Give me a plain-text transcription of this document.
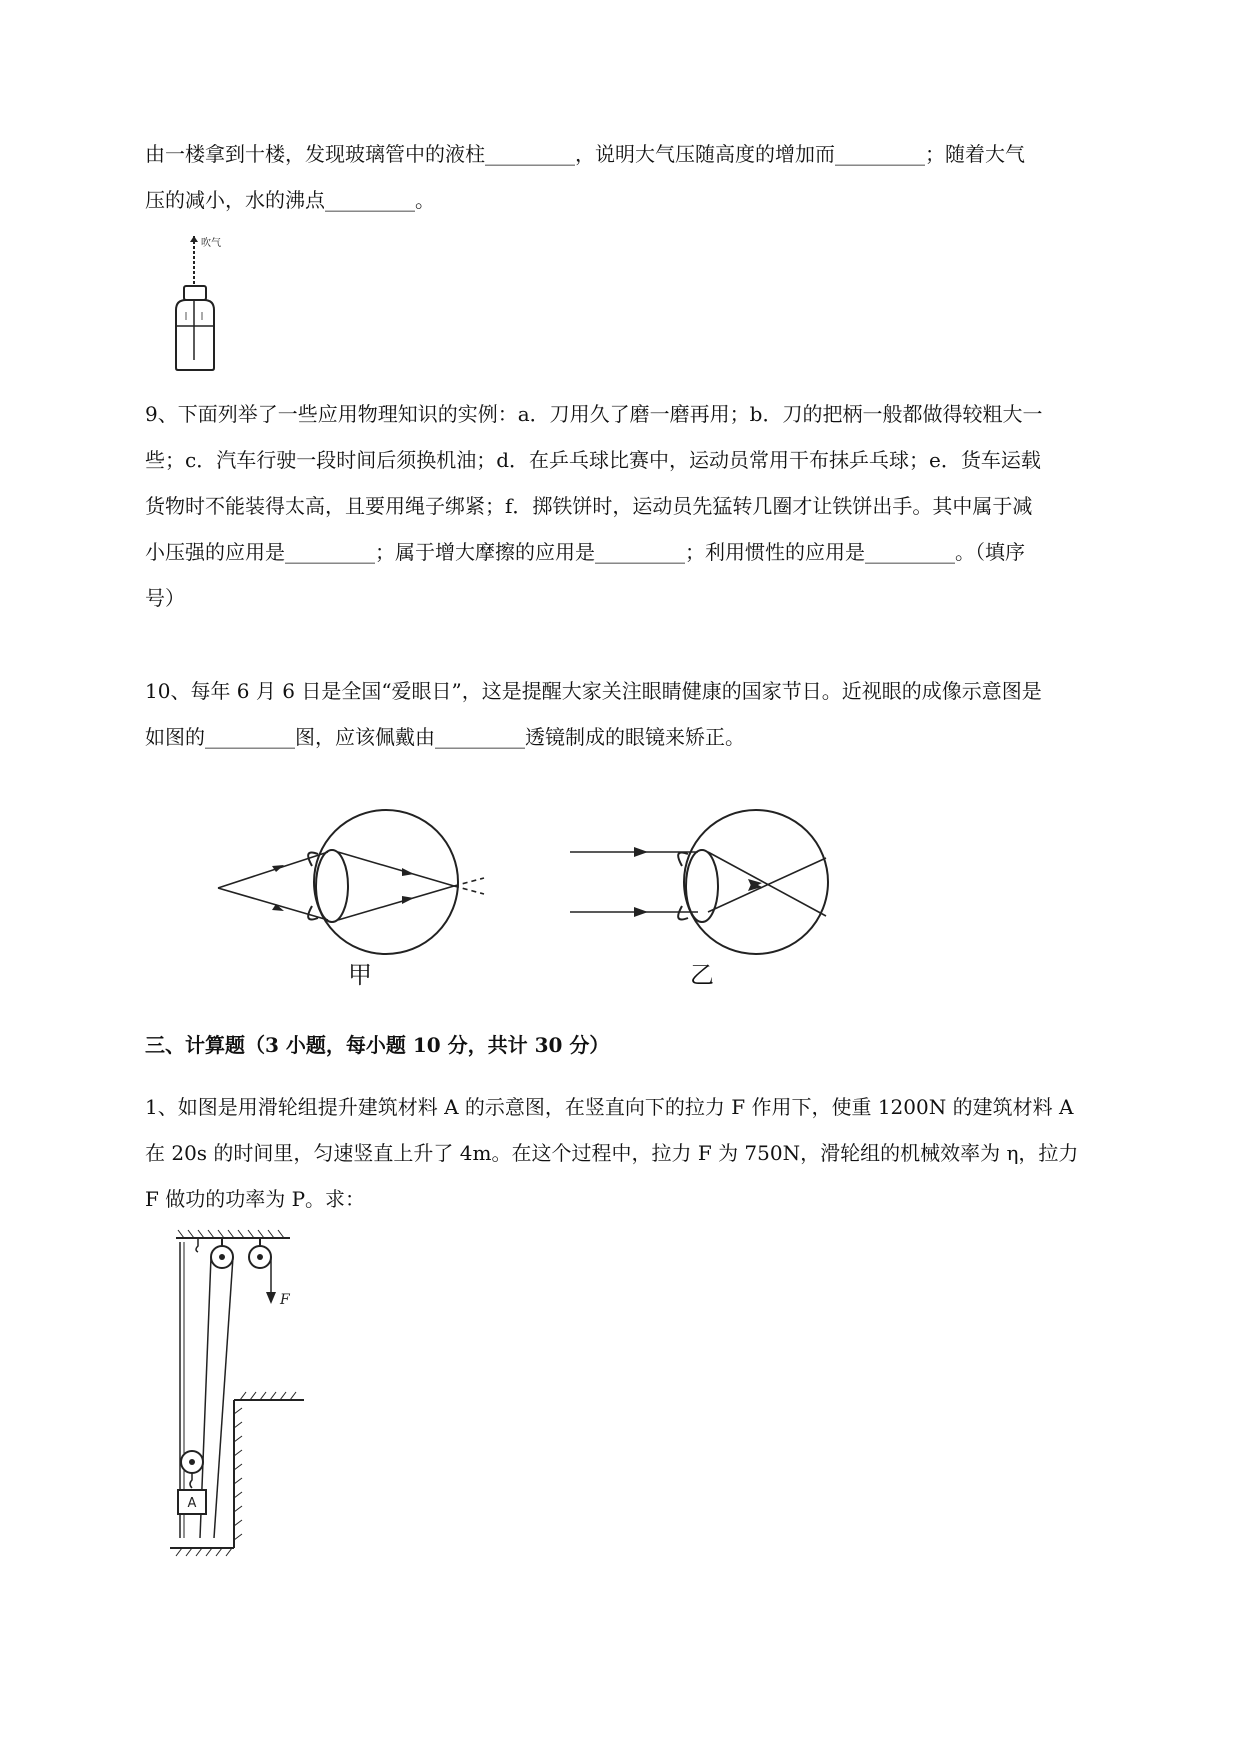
由一楼拿到十楼，发现玻璃管中的液柱_________，说明大气压随高度的增加而_________；随着大气
压的减小，水的沸点_________。
吹气
9、下面列举了一些应用物理知识的实例：a．刀用久了磨一磨再用；b．刀的把柄一般都做得较粗大一
些；c．汽车行驶一段时间后须换机油；d．在乒乓球比赛中，运动员常用干布抹乒乓球；e．货车运载
货物时不能装得太高，且要用绳子绑紧；f．掷铁饼时，运动员先猛转几圈才让铁饼出手。其中属于减
小压强的应用是_________；属于增大摩擦的应用是_________；利用惯性的应用是_________。（填序
号）
10、每年 6 月 6 日是全国“爱眼日”，这是提醒大家关注眼睛健康的国家节日。近视眼的成像示意图是
如图的_________图，应该佩戴由_________透镜制成的眼镜来矫正。
甲	乙
三、计算题（3 小题，每小题 10 分，共计 30 分）
1、如图是用滑轮组提升建筑材料 A 的示意图，在竖直向下的拉力 F 作用下，使重 1200N 的建筑材料 A
在 20s 的时间里，匀速竖直上升了 4m。在这个过程中，拉力 F 为 750N，滑轮组的机械效率为 η，拉力
F 做功的功率为 P。求：
F
A
